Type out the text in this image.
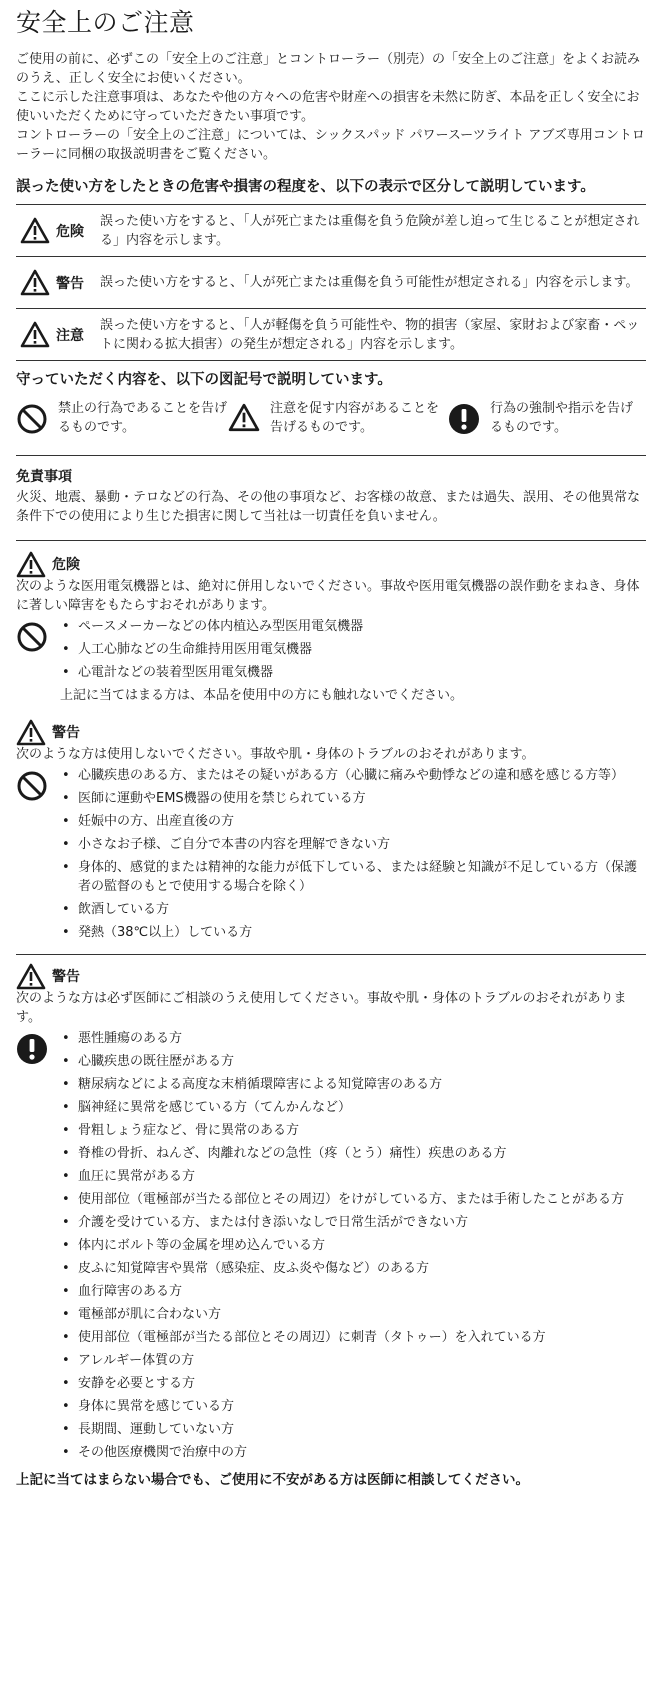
安全上のご注意

ご使用の前に、必ずこの「安全上のご注意」とコントローラー（別売）の「安全上のご注意」をよくお読みのうえ、正しく安全にお使いください。

ここに示した注意事項は、あなたや他の方々への危害や財産への損害を未然に防ぎ、本品を正しく安全にお使いいただくために守っていただきたい事項です。

コントローラーの「安全上のご注意」については、シックスパッド パワースーツライト アブズ専用コントローラーに同梱の取扱説明書をご覧ください。

誤った使い方をしたときの危害や損害の程度を、以下の表示で区分して説明しています。
危険
誤った使い方をすると、「人が死亡または重傷を負う危険が差し迫って生じることが想定される」内容を示します。
警告 誤った使い方をすると、「人が死亡または重傷を負う可能性が想定される」内容を示します。
注意
誤った使い方をすると、「人が軽傷を負う可能性や、物的損害（家屋、家財および家畜・ペットに関わる拡大損害）の発生が想定される」内容を示します。
守っていただく内容を、以下の図記号で説明しています。
禁止の行為であることを告げるものです。
注意を促す内容があることを告げるものです。
行為の強制や指示を告げるものです。
免責事項
火災、地震、暴動・テロなどの行為、その他の事項など、お客様の故意、または過失、誤用、その他異常な条件下での使用により生じた損害に関して当社は一切責任を負いません。
危険
次のような医用電気機器とは、絶対に併用しないでください。事故や医用電気機器の誤作動をまねき、身体に著しい障害をもたらすおそれがあります。
• ペースメーカーなどの体内植込み型医用電気機器
• 人工心肺などの生命維持用医用電気機器
• 心電計などの装着型医用電気機器
上記に当てはまる方は、本品を使用中の方にも触れないでください。
警告
次のような方は使用しないでください。事故や肌・身体のトラブルのおそれがあります。
• 心臓疾患のある方、またはその疑いがある方（心臓に痛みや動悸などの違和感を感じる方等）
• 医師に運動やEMS機器の使用を禁じられている方
• 妊娠中の方、出産直後の方
• 小さなお子様、ご自分で本書の内容を理解できない方
• 身体的、感覚的または精神的な能力が低下している、または経験と知識が不足している方（保護者の監督のもとで使用する場合を除く）
• 飲酒している方
• 発熱（38℃以上）している方
警告
次のような方は必ず医師にご相談のうえ使用してください。事故や肌・身体のトラブルのおそれがあります。
• 悪性腫瘍のある方
• 心臓疾患の既往歴がある方
• 糖尿病などによる高度な末梢循環障害による知覚障害のある方
• 脳神経に異常を感じている方（てんかんなど）
• 骨粗しょう症など、骨に異常のある方
• 脊椎の骨折、ねんざ、肉離れなどの急性（疼（とう）痛性）疾患のある方
• 血圧に異常がある方
• 使用部位（電極部が当たる部位とその周辺）をけがしている方、または手術したことがある方
• 介護を受けている方、または付き添いなしで日常生活ができない方
• 体内にボルト等の金属を埋め込んでいる方
• 皮ふに知覚障害や異常（感染症、皮ふ炎や傷など）のある方
• 血行障害のある方
• 電極部が肌に合わない方
• 使用部位（電極部が当たる部位とその周辺）に刺青（タトゥー）を入れている方
• アレルギー体質の方
• 安静を必要とする方
• 身体に異常を感じている方
• 長期間、運動していない方
• その他医療機関で治療中の方
上記に当てはまらない場合でも、ご使用に不安がある方は医師に相談してください。
